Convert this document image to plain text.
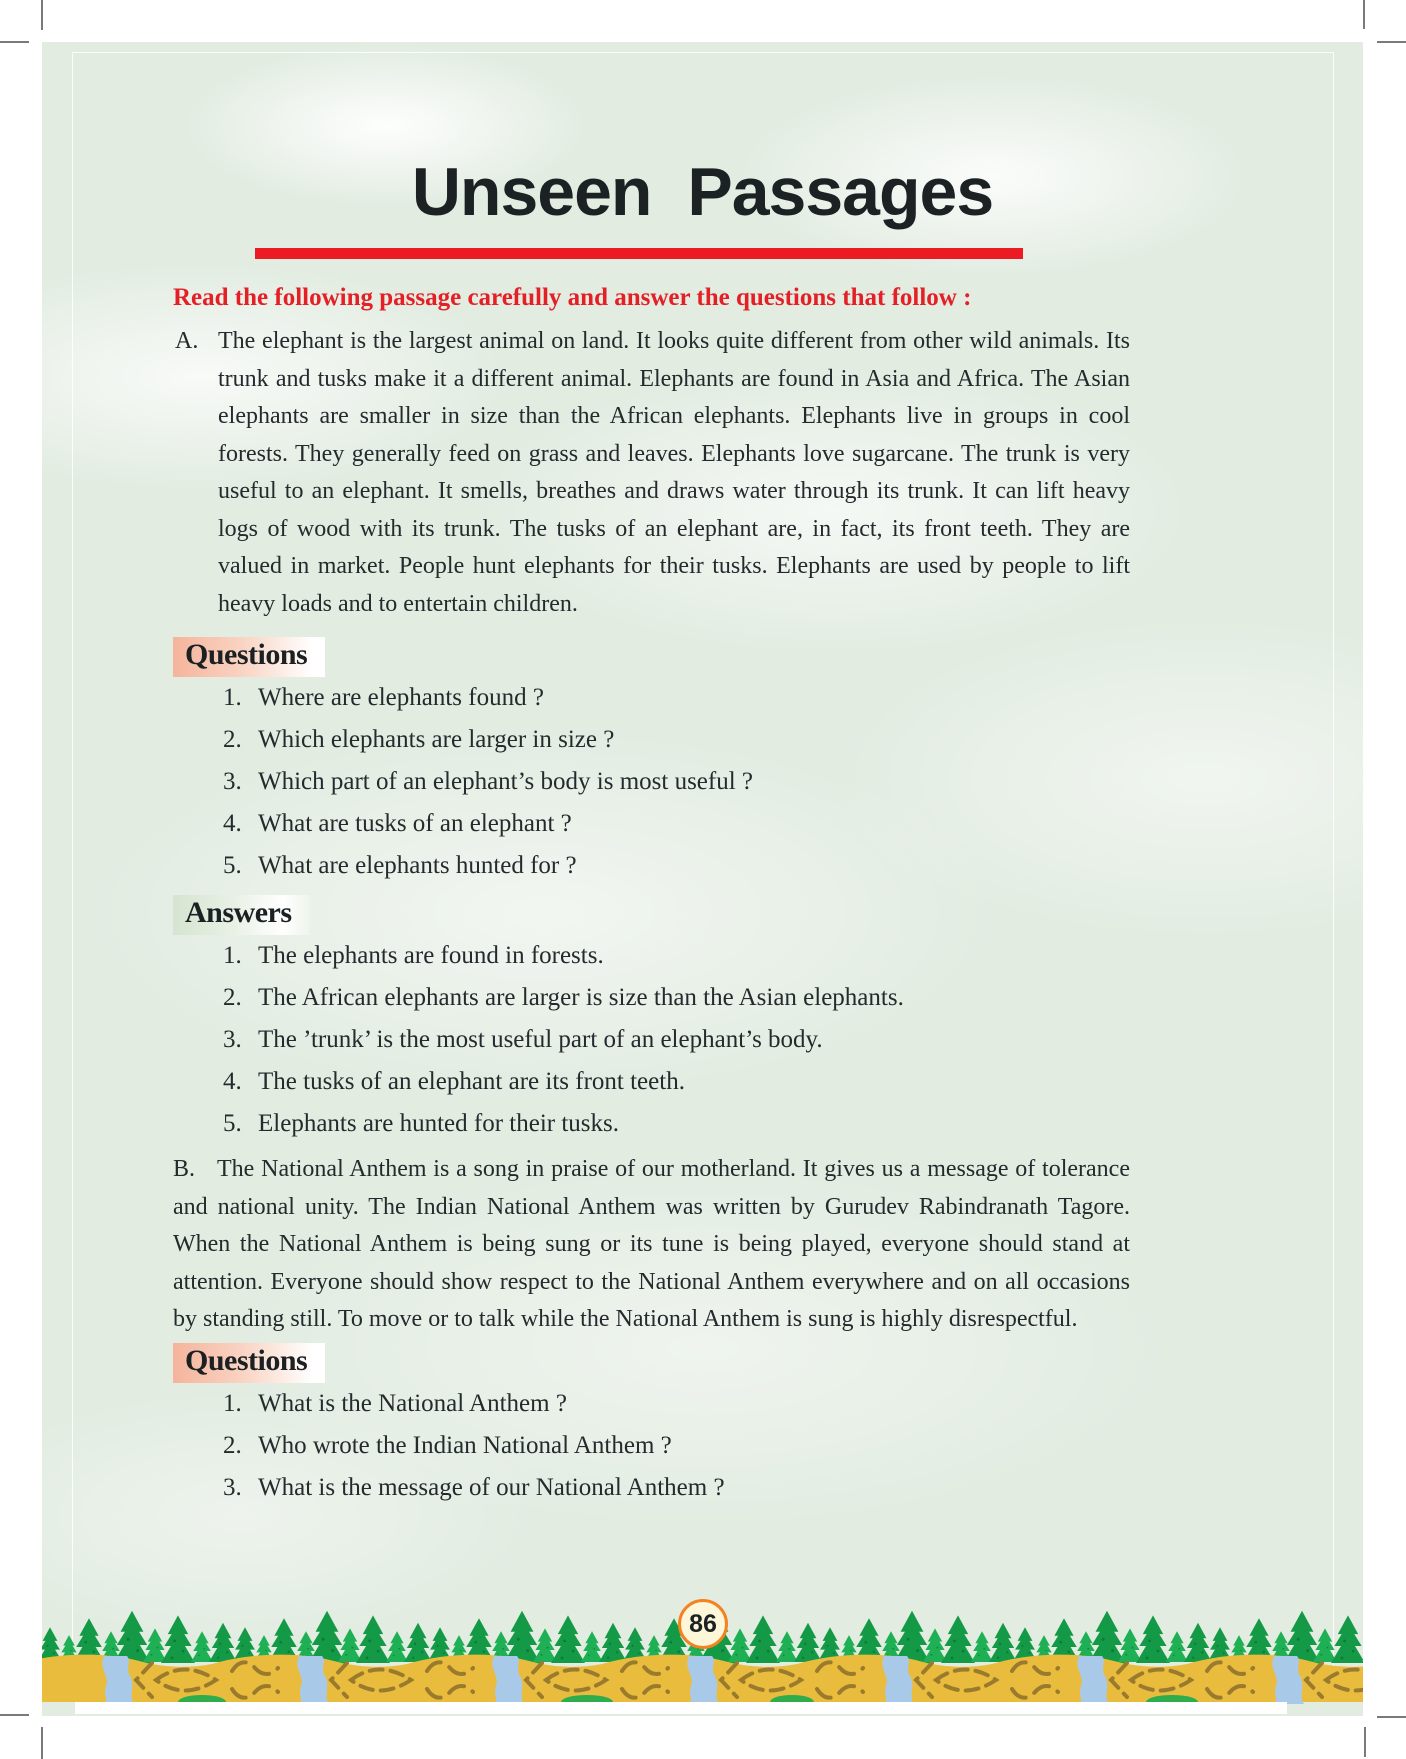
Unseen Passages
Read the following passage carefully and answer the questions that follow :
A. The elephant is the largest animal on land. It looks quite different from other wild animals. Its trunk and tusks make it a different animal. Elephants are found in Asia and Africa. The Asian elephants are smaller in size than the African elephants. Elephants live in groups in cool forests. They generally feed on grass and leaves. Elephants love sugarcane. The trunk is very useful to an elephant. It smells, breathes and draws water through its trunk. It can lift heavy logs of wood with its trunk. The tusks of an elephant are, in fact, its front teeth. They are valued in market. People hunt elephants for their tusks. Elephants are used by people to lift heavy loads and to entertain children.
Questions
1. Where are elephants found ?
2. Which elephants are larger in size ?
3. Which part of an elephant’s body is most useful ?
4. What are tusks of an elephant ?
5. What are elephants hunted for ?
Answers
1. The elephants are found in forests.
2. The African elephants are larger is size than the Asian elephants.
3. The ’trunk’ is the most useful part of an elephant’s body.
4. The tusks of an elephant are its front teeth.
5. Elephants are hunted for their tusks.
B. The National Anthem is a song in praise of our motherland. It gives us a message of tolerance and national unity. The Indian National Anthem was written by Gurudev Rabindranath Tagore. When the National Anthem is being sung or its tune is being played, everyone should stand at attention. Everyone should show respect to the National Anthem everywhere and on all occasions by standing still. To move or to talk while the National Anthem is sung is highly disrespectful.
Questions
1. What is the National Anthem ?
2. Who wrote the Indian National Anthem ?
3. What is the message of our National Anthem ?
86
